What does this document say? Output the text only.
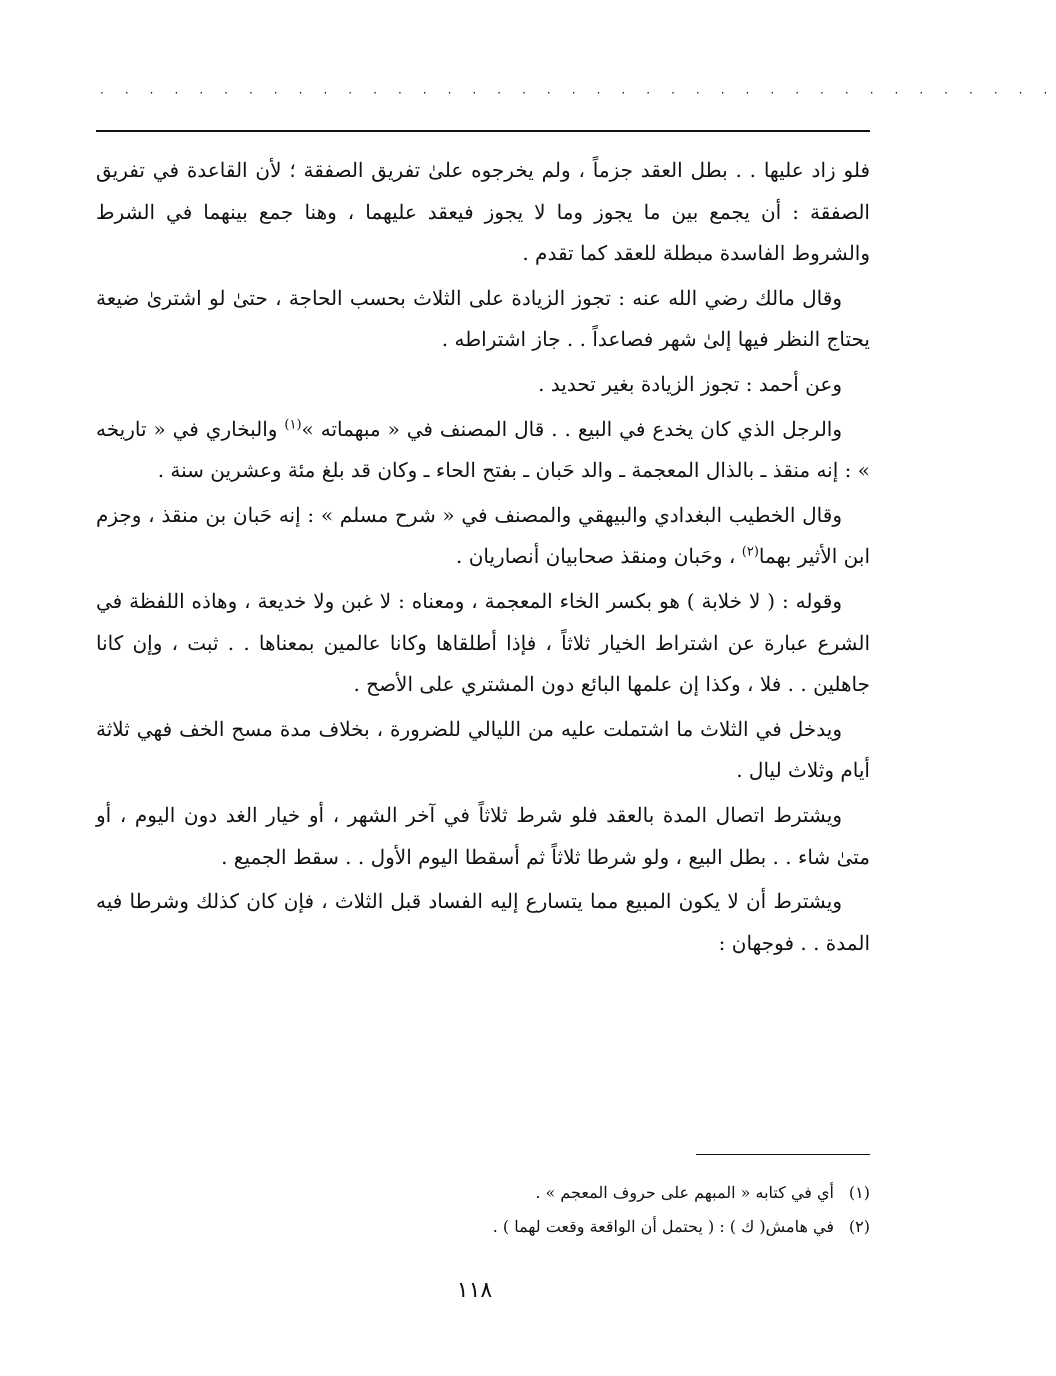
· · · · · · · · · · · · · · · · · · · · · · · · · · · · · · · · · · · · · · ·

فلو زاد عليها . . بطل العقد جزماً ، ولم يخرجوه علىٰ تفريق الصفقة ؛ لأن القاعدة في تفريق الصفقة : أن يجمع بين ما يجوز وما لا يجوز فيعقد عليهما ، وهنا جمع بينهما في الشرط والشروط الفاسدة مبطلة للعقد كما تقدم .

وقال مالك رضي الله عنه : تجوز الزيادة على الثلاث بحسب الحاجة ، حتىٰ لو اشترىٰ ضيعة يحتاج النظر فيها إلىٰ شهر فصاعداً . . جاز اشتراطه .

وعن أحمد : تجوز الزيادة بغير تحديد .

والرجل الذي كان يخدع في البيع . . قال المصنف في « مبهماته »$^{(١)}$ والبخاري في « تاريخه » : إنه منقذ ـ بالذال المعجمة ـ والد حَبان ـ بفتح الحاء ـ وكان قد بلغ مئة وعشرين سنة .

وقال الخطيب البغدادي والبيهقي والمصنف في « شرح مسلم » : إنه حَبان بن منقذ ، وجزم ابن الأثير بهما$^{(٢)}$ ، وحَبان ومنقذ صحابيان أنصاريان .

وقوله : ( لا خلابة ) هو بكسر الخاء المعجمة ، ومعناه : لا غبن ولا خديعة ، وهاذه اللفظة في الشرع عبارة عن اشتراط الخيار ثلاثاً ، فإذا أطلقاها وكانا عالمين بمعناها . . ثبت ، وإن كانا جاهلين . . فلا ، وكذا إن علمها البائع دون المشتري على الأصح .

ويدخل في الثلاث ما اشتملت عليه من الليالي للضرورة ، بخلاف مدة مسح الخف فهي ثلاثة أيام وثلاث ليال .

ويشترط اتصال المدة بالعقد فلو شرط ثلاثاً في آخر الشهر ، أو خيار الغد دون اليوم ، أو متىٰ شاء . . بطل البيع ، ولو شرطا ثلاثاً ثم أسقطا اليوم الأول . . سقط الجميع .

ويشترط أن لا يكون المبيع مما يتسارع إليه الفساد قبل الثلاث ، فإن كان كذلك وشرطا فيه المدة . . فوجهان :

(١)أي في كتابه « المبهم على حروف المعجم » .
(٢)في هامش( ك ) : ( يحتمل أن الواقعة وقعت لهما ) .
١١٨
